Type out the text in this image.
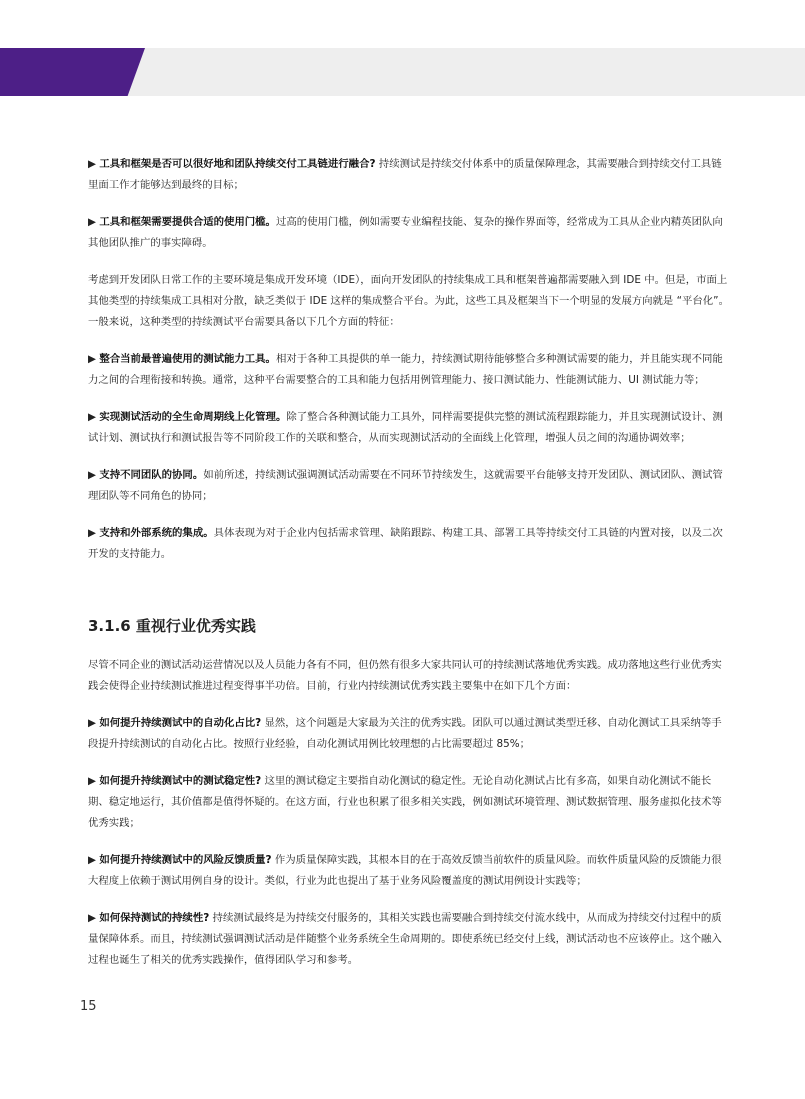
▶ 工具和框架是否可以很好地和团队持续交付工具链进行融合? 持续测试是持续交付体系中的质量保障理念，其需要融合到持续交付工具链里面工作才能够达到最终的目标；

▶ 工具和框架需要提供合适的使用门槛。过高的使用门槛，例如需要专业编程技能、复杂的操作界面等，经常成为工具从企业内精英团队向其他团队推广的事实障碍。

考虑到开发团队日常工作的主要环境是集成开发环境（IDE），面向开发团队的持续集成工具和框架普遍都需要融入到 IDE 中。但是，市面上其他类型的持续集成工具相对分散，缺乏类似于 IDE 这样的集成整合平台。为此，这些工具及框架当下一个明显的发展方向就是 “平台化”。一般来说，这种类型的持续测试平台需要具备以下几个方面的特征：

▶ 整合当前最普遍使用的测试能力工具。相对于各种工具提供的单一能力，持续测试期待能够整合多种测试需要的能力，并且能实现不同能力之间的合理衔接和转换。通常，这种平台需要整合的工具和能力包括用例管理能力、接口测试能力、性能测试能力、UI 测试能力等；

▶ 实现测试活动的全生命周期线上化管理。除了整合各种测试能力工具外，同样需要提供完整的测试流程跟踪能力，并且实现测试设计、测试计划、测试执行和测试报告等不同阶段工作的关联和整合，从而实现测试活动的全面线上化管理，增强人员之间的沟通协调效率；

▶ 支持不同团队的协同。如前所述，持续测试强调测试活动需要在不同环节持续发生，这就需要平台能够支持开发团队、测试团队、测试管理团队等不同角色的协同；

▶ 支持和外部系统的集成。具体表现为对于企业内包括需求管理、缺陷跟踪、构建工具、部署工具等持续交付工具链的内置对接，以及二次开发的支持能力。

3.1.6 重视行业优秀实践

尽管不同企业的测试活动运营情况以及人员能力各有不同，但仍然有很多大家共同认可的持续测试落地优秀实践。成功落地这些行业优秀实践会使得企业持续测试推进过程变得事半功倍。目前，行业内持续测试优秀实践主要集中在如下几个方面：

▶ 如何提升持续测试中的自动化占比? 显然，这个问题是大家最为关注的优秀实践。团队可以通过测试类型迁移、自动化测试工具采纳等手段提升持续测试的自动化占比。按照行业经验，自动化测试用例比较理想的占比需要超过 85%；

▶ 如何提升持续测试中的测试稳定性? 这里的测试稳定主要指自动化测试的稳定性。无论自动化测试占比有多高，如果自动化测试不能长期、稳定地运行，其价值都是值得怀疑的。在这方面，行业也积累了很多相关实践，例如测试环境管理、测试数据管理、服务虚拟化技术等优秀实践；

▶ 如何提升持续测试中的风险反馈质量? 作为质量保障实践，其根本目的在于高效反馈当前软件的质量风险。而软件质量风险的反馈能力很大程度上依赖于测试用例自身的设计。类似，行业为此也提出了基于业务风险覆盖度的测试用例设计实践等；

▶ 如何保持测试的持续性? 持续测试最终是为持续交付服务的，其相关实践也需要融合到持续交付流水线中，从而成为持续交付过程中的质量保障体系。而且，持续测试强调测试活动是伴随整个业务系统全生命周期的。即使系统已经交付上线，测试活动也不应该停止。这个融入过程也诞生了相关的优秀实践操作，值得团队学习和参考。

15
